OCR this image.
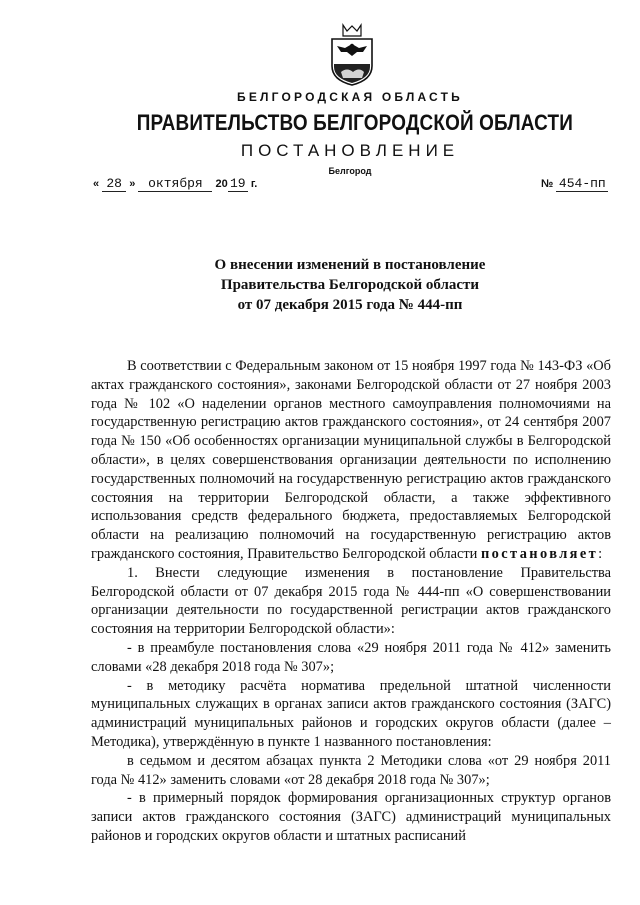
БЕЛГОРОДСКАЯ ОБЛАСТЬ
ПРАВИТЕЛЬСТВО БЕЛГОРОДСКОЙ ОБЛАСТИ
ПОСТАНОВЛЕНИЕ
Белгород
« 28 » октября 20 19 г.	№ 454-пп
О внесении изменений в постановление
Правительства Белгородской области
от 07 декабря 2015 года № 444-пп

В соответствии с Федеральным законом от 15 ноября 1997 года № 143-ФЗ «Об актах гражданского состояния», законами Белгородской области от 27 ноября 2003 года № 102 «О наделении органов местного самоуправления полномочиями на государственную регистрацию актов гражданского состояния», от 24 сентября 2007 года № 150 «Об особенностях организации муниципальной службы в Белгородской области», в целях совершенствования организации деятельности по исполнению государственных полномочий на государственную регистрацию актов гражданского состояния на территории Белгородской области, а также эффективного использования средств федерального бюджета, предоставляемых Белгородской области на реализацию полномочий на государственную регистрацию актов гражданского состояния, Правительство Белгородской области постановляет:

1. Внести следующие изменения в постановление Правительства Белгородской области от 07 декабря 2015 года № 444-пп «О совершенствовании организации деятельности по государственной регистрации актов гражданского состояния на территории Белгородской области»:

- в преамбуле постановления слова «29 ноября 2011 года № 412» заменить словами «28 декабря 2018 года № 307»;

- в методику расчёта норматива предельной штатной численности муниципальных служащих в органах записи актов гражданского состояния (ЗАГС) администраций муниципальных районов и городских округов области (далее – Методика), утверждённую в пункте 1 названного постановления:

в седьмом и десятом абзацах пункта 2 Методики слова «от 29 ноября 2011 года № 412» заменить словами «от 28 декабря 2018 года № 307»;

- в примерный порядок формирования организационных структур органов записи актов гражданского состояния (ЗАГС) администраций муниципальных районов и городских округов области и штатных расписаний
